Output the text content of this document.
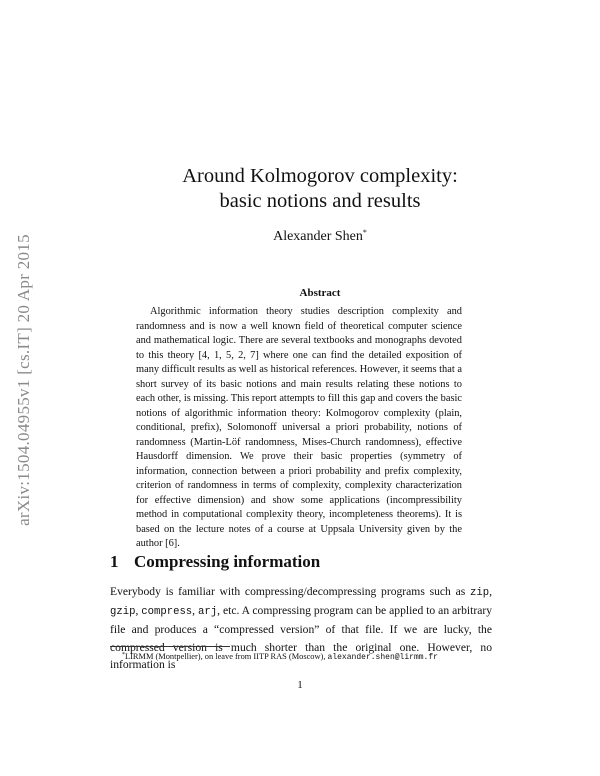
arXiv:1504.04955v1 [cs.IT] 20 Apr 2015
Around Kolmogorov complexity:
basic notions and results
Alexander Shen*
Abstract

Algorithmic information theory studies description complexity and randomness and is now a well known field of theoretical computer science and mathematical logic. There are several textbooks and monographs devoted to this theory [4, 1, 5, 2, 7] where one can find the detailed exposition of many difficult results as well as historical references. However, it seems that a short survey of its basic notions and main results relating these notions to each other, is missing. This report attempts to fill this gap and covers the basic notions of algorithmic information theory: Kolmogorov complexity (plain, conditional, prefix), Solomonoff universal a priori probability, notions of randomness (Martin-Löf randomness, Mises-Church randomness), effective Hausdorff dimension. We prove their basic properties (symmetry of information, connection between a priori probability and prefix complexity, criterion of randomness in terms of complexity, complexity characterization for effective dimension) and show some applications (incompressibility method in computational complexity theory, incompleteness theorems). It is based on the lecture notes of a course at Uppsala University given by the author [6].

1 Compressing information

Everybody is familiar with compressing/decompressing programs such as zip, gzip, compress, arj, etc. A compressing program can be applied to an arbitrary file and produces a “compressed version” of that file. If we are lucky, the compressed version is much shorter than the original one. However, no information is

*LIRMM (Montpellier), on leave from IITP RAS (Moscow), alexander.shen@lirmm.fr
1
